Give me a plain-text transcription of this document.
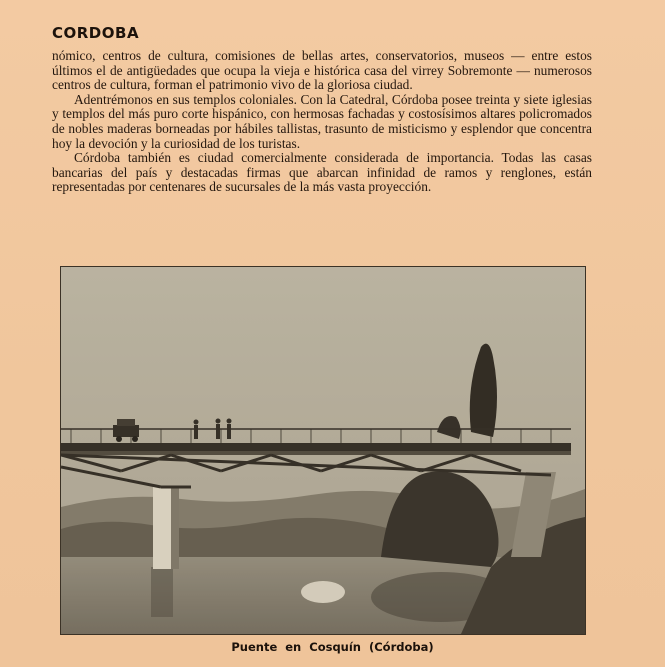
CORDOBA

nómico, centros de cultura, comisiones de bellas artes, conservatorios, museos — entre estos últimos el de antigüedades que ocupa la vieja e histórica casa del virrey Sobremonte — numerosos centros de cultura, forman el patrimonio vivo de la gloriosa ciudad.

Adentrémonos en sus templos coloniales. Con la Catedral, Córdoba posee treinta y siete iglesias y templos del más puro corte hispánico, con hermosas fachadas y costosísimos altares policromados de nobles maderas borneadas por hábiles tallistas, trasunto de misticismo y esplendor que concentra hoy la devoción y la curiosidad de los turistas.

Córdoba también es ciudad comercialmente considerada de importancia. Todas las casas bancarias del país y destacadas firmas que abarcan infinidad de ramos y renglones, están representadas por centenares de sucursales de la más vasta proyección.

Puente en Cosquín (Córdoba)
